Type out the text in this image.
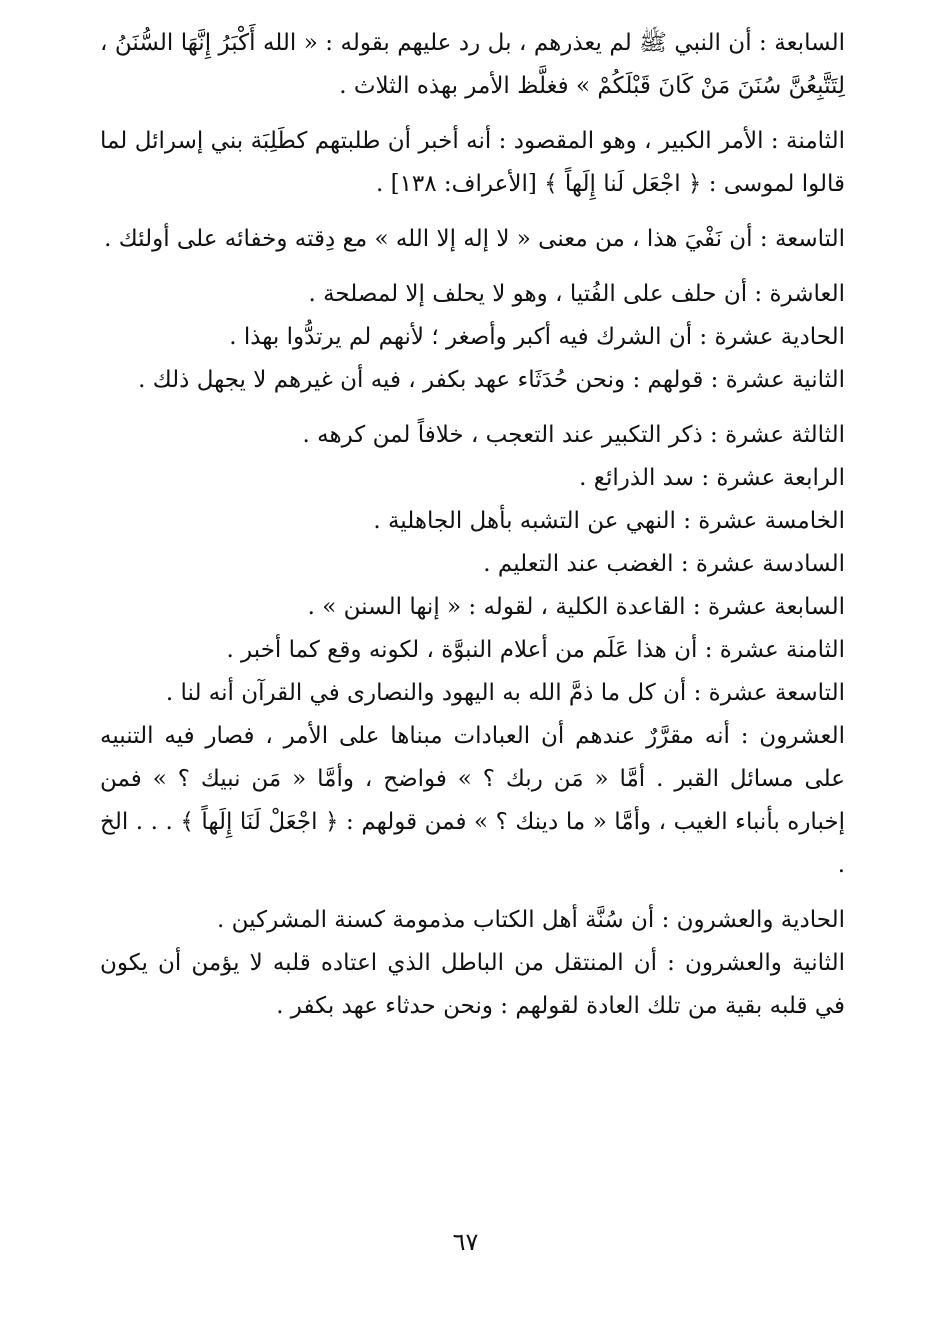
السابعة : أن النبي ﷺ لم يعذرهم ، بل رد عليهم بقوله : « الله أَكْبَرُ إِنَّهَا السُّنَنُ ، لِتَتَّبِعُنَّ سُنَنَ مَنْ كَانَ قَبْلَكُمْ » فغلَّظ الأمر بهذه الثلاث .

الثامنة : الأمر الكبير ، وهو المقصود : أنه أخبر أن طلبتهم كطَلِبَة بني إسرائل لما قالوا لموسى : ﴿ اجْعَل لَنا إِلَهاً ﴾ [الأعراف: ١٣٨] .

التاسعة : أن نَفْيَ هذا ، من معنى « لا إله إلا الله » مع دِقته وخفائه على أولئك .

العاشرة : أن حلف على الفُتيا ، وهو لا يحلف إلا لمصلحة .

الحادية عشرة : أن الشرك فيه أكبر وأصغر ؛ لأنهم لم يرتدُّوا بهذا .

الثانية عشرة : قولهم : ونحن حُدَثَاء عهد بكفر ، فيه أن غيرهم لا يجهل ذلك .

الثالثة عشرة : ذكر التكبير عند التعجب ، خلافاً لمن كرهه .

الرابعة عشرة : سد الذرائع .

الخامسة عشرة : النهي عن التشبه بأهل الجاهلية .

السادسة عشرة : الغضب عند التعليم .

السابعة عشرة : القاعدة الكلية ، لقوله : « إنها السنن » .

الثامنة عشرة : أن هذا عَلَم من أعلام النبوَّة ، لكونه وقع كما أخبر .

التاسعة عشرة : أن كل ما ذمَّ الله به اليهود والنصارى في القرآن أنه لنا .

العشرون : أنه مقرَّرٌ عندهم أن العبادات مبناها على الأمر ، فصار فيه التنبيه على مسائل القبر . أمَّا « مَن ربك ؟ » فواضح ، وأمَّا « مَن نبيك ؟ » فمن إخباره بأنباء الغيب ، وأمَّا « ما دينك ؟ » فمن قولهم : ﴿ اجْعَلْ لَنَا إِلَهاً ﴾ . . . الخ .

الحادية والعشرون : أن سُنَّة أهل الكتاب مذمومة كسنة المشركين .

الثانية والعشرون : أن المنتقل من الباطل الذي اعتاده قلبه لا يؤمن أن يكون في قلبه بقية من تلك العادة لقولهم : ونحن حدثاء عهد بكفر .

٦٧
